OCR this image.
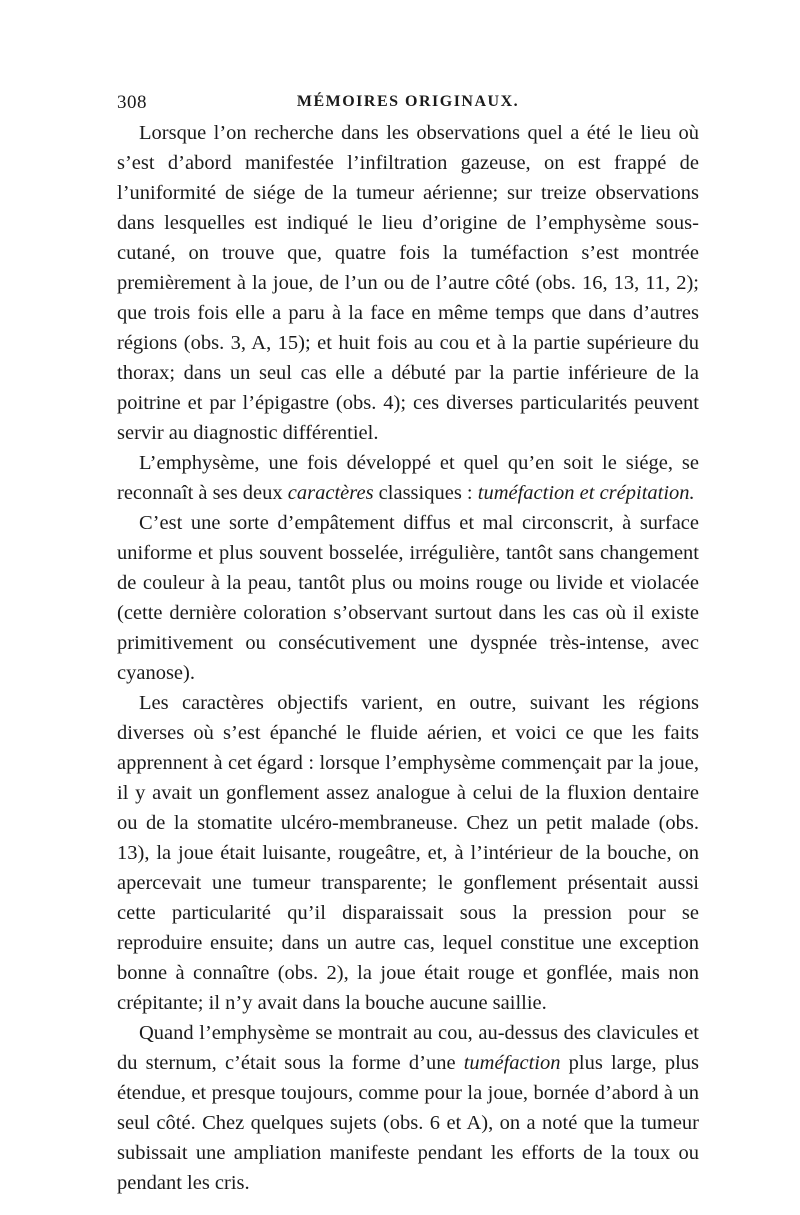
308	MÉMOIRES ORIGINAUX.

Lorsque l’on recherche dans les observations quel a été le lieu où s’est d’abord manifestée l’infiltration gazeuse, on est frappé de l’uniformité de siége de la tumeur aérienne; sur treize observations dans lesquelles est indiqué le lieu d’origine de l’emphysème sous-cutané, on trouve que, quatre fois la tuméfaction s’est montrée premièrement à la joue, de l’un ou de l’autre côté (obs. 16, 13, 11, 2); que trois fois elle a paru à la face en même temps que dans d’autres régions (obs. 3, A, 15); et huit fois au cou et à la partie supérieure du thorax; dans un seul cas elle a débuté par la partie inférieure de la poitrine et par l’épigastre (obs. 4); ces diverses particularités peuvent servir au diagnostic différentiel.

L’emphysème, une fois développé et quel qu’en soit le siége, se reconnaît à ses deux caractères classiques : tuméfaction et crépitation.

C’est une sorte d’empâtement diffus et mal circonscrit, à surface uniforme et plus souvent bosselée, irrégulière, tantôt sans changement de couleur à la peau, tantôt plus ou moins rouge ou livide et violacée (cette dernière coloration s’observant surtout dans les cas où il existe primitivement ou consécutivement une dyspnée très-intense, avec cyanose).

Les caractères objectifs varient, en outre, suivant les régions diverses où s’est épanché le fluide aérien, et voici ce que les faits apprennent à cet égard : lorsque l’emphysème commençait par la joue, il y avait un gonflement assez analogue à celui de la fluxion dentaire ou de la stomatite ulcéro-membraneuse. Chez un petit malade (obs. 13), la joue était luisante, rougeâtre, et, à l’intérieur de la bouche, on apercevait une tumeur transparente; le gonflement présentait aussi cette particularité qu’il disparaissait sous la pression pour se reproduire ensuite; dans un autre cas, lequel constitue une exception bonne à connaître (obs. 2), la joue était rouge et gonflée, mais non crépitante; il n’y avait dans la bouche aucune saillie.

Quand l’emphysème se montrait au cou, au-dessus des clavicules et du sternum, c’était sous la forme d’une tuméfaction plus large, plus étendue, et presque toujours, comme pour la joue, bornée d’abord à un seul côté. Chez quelques sujets (obs. 6 et A), on a noté que la tumeur subissait une ampliation manifeste pendant les efforts de la toux ou pendant les cris.
